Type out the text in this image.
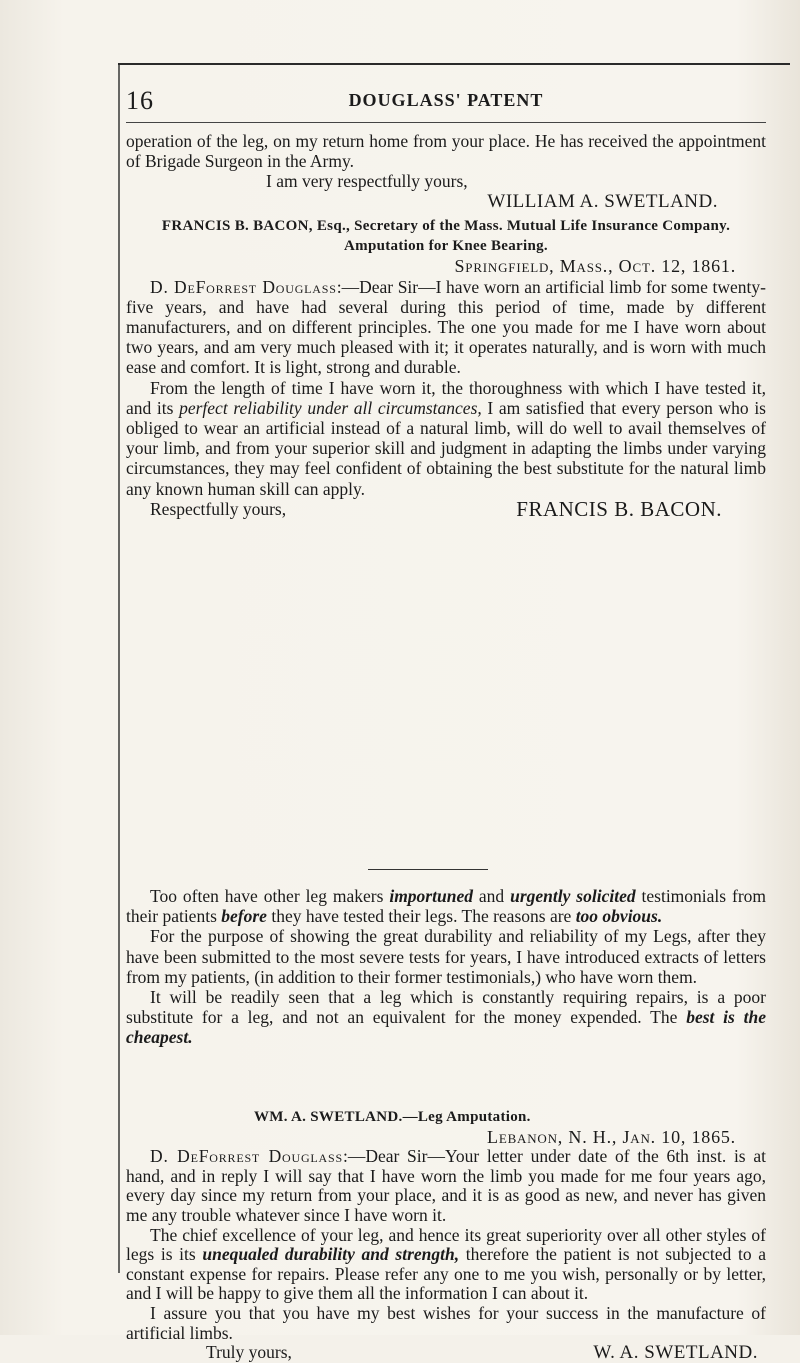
16	DOUGLASS' PATENT

operation of the leg, on my return home from your place. He has received the appointment of Brigade Surgeon in the Army.

I am very respectfully yours,

WILLIAM A. SWETLAND.

FRANCIS B. BACON, Esq., Secretary of the Mass. Mutual Life Insurance Company.

Amputation for Knee Bearing.

Springfield, Mass., Oct. 12, 1861.

D. DeForrest Douglass:—Dear Sir—I have worn an artificial limb for some twenty-five years, and have had several during this period of time, made by different manufacturers, and on different principles. The one you made for me I have worn about two years, and am very much pleased with it; it operates naturally, and is worn with much ease and comfort. It is light, strong and durable.

From the length of time I have worn it, the thoroughness with which I have tested it, and its perfect reliability under all circumstances, I am satisfied that every person who is obliged to wear an artificial instead of a natural limb, will do well to avail themselves of your limb, and from your superior skill and judgment in adapting the limbs under varying circumstances, they may feel confident of obtaining the best substitute for the natural limb any known human skill can apply.

Respectfully yours,	FRANCIS B. BACON.

Too often have other leg makers importuned and urgently solicited testimonials from their patients before they have tested their legs. The reasons are too obvious.

For the purpose of showing the great durability and reliability of my Legs, after they have been submitted to the most severe tests for years, I have introduced extracts of letters from my patients, (in addition to their former testimonials,) who have worn them.

It will be readily seen that a leg which is constantly requiring repairs, is a poor substitute for a leg, and not an equivalent for the money expended. The best is the cheapest.

WM. A. SWETLAND.—Leg Amputation.

Lebanon, N. H., Jan. 10, 1865.

D. DeForrest Douglass:—Dear Sir—Your letter under date of the 6th inst. is at hand, and in reply I will say that I have worn the limb you made for me four years ago, every day since my return from your place, and it is as good as new, and never has given me any trouble whatever since I have worn it.

The chief excellence of your leg, and hence its great superiority over all other styles of legs is its unequaled durability and strength, therefore the patient is not subjected to a constant expense for repairs. Please refer any one to me you wish, personally or by letter, and I will be happy to give them all the information I can about it.

I assure you that you have my best wishes for your success in the manufacture of artificial limbs.

Truly yours,	W. A. SWETLAND.
